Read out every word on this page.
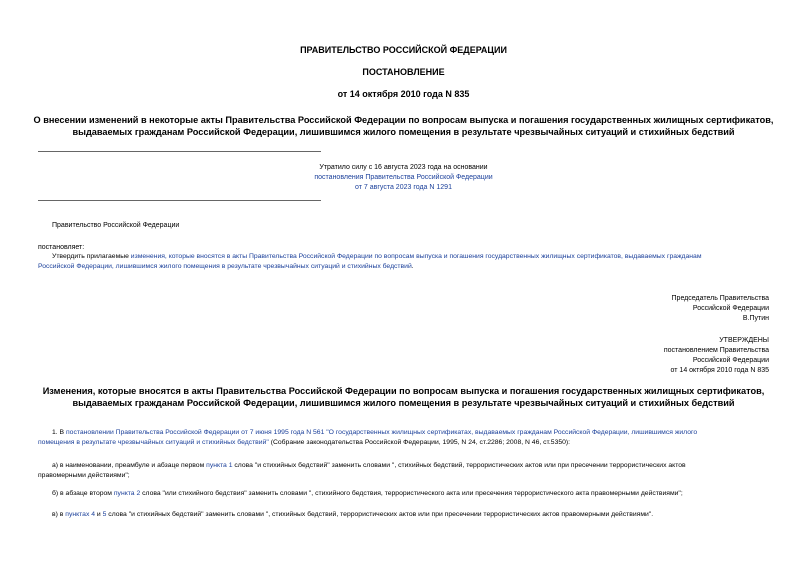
ПРАВИТЕЛЬСТВО РОССИЙСКОЙ ФЕДЕРАЦИИ
ПОСТАНОВЛЕНИЕ
от 14 октября 2010 года N 835
О внесении изменений в некоторые акты Правительства Российской Федерации по вопросам выпуска и погашения государственных жилищных сертификатов,
выдаваемых гражданам Российской Федерации, лишившимся жилого помещения в результате чрезвычайных ситуаций и стихийных бедствий
Утратило силу с 16 августа 2023 года на основании
постановления Правительства Российской Федерации
от 7 августа 2023 года N 1291
Правительство Российской Федерации
постановляет:
Утвердить прилагаемые изменения, которые вносятся в акты Правительства Российской Федерации по вопросам выпуска и погашения государственных жилищных сертификатов, выдаваемых гражданам
Российской Федерации, лишившимся жилого помещения в результате чрезвычайных ситуаций и стихийных бедствий.
Председатель Правительства
Российской Федерации
В.Путин
УТВЕРЖДЕНЫ
постановлением Правительства
Российской Федерации
от 14 октября 2010 года N 835
Изменения, которые вносятся в акты Правительства Российской Федерации по вопросам выпуска и погашения государственных жилищных сертификатов,
выдаваемых гражданам Российской Федерации, лишившимся жилого помещения в результате чрезвычайных ситуаций и стихийных бедствий
1. В постановлении Правительства Российской Федерации от 7 июня 1995 года N 561 "О государственных жилищных сертификатах, выдаваемых гражданам Российской Федерации, лишившимся жилого
помещения в результате чрезвычайных ситуаций и стихийных бедствий" (Собрание законодательства Российской Федерации, 1995, N 24, ст.2286; 2008, N 46, ст.5350):
а) в наименовании, преамбуле и абзаце первом пункта 1 слова "и стихийных бедствий" заменить словами ", стихийных бедствий, террористических актов или при пресечении террористических актов
правомерными действиями";
б) в абзаце втором пункта 2 слова "или стихийного бедствия" заменить словами ", стихийного бедствия, террористического акта или пресечения террористического акта правомерными действиями";
в) в пунктах 4 и 5 слова "и стихийных бедствий" заменить словами ", стихийных бедствий, террористических актов или при пресечении террористических актов правомерными действиями".
